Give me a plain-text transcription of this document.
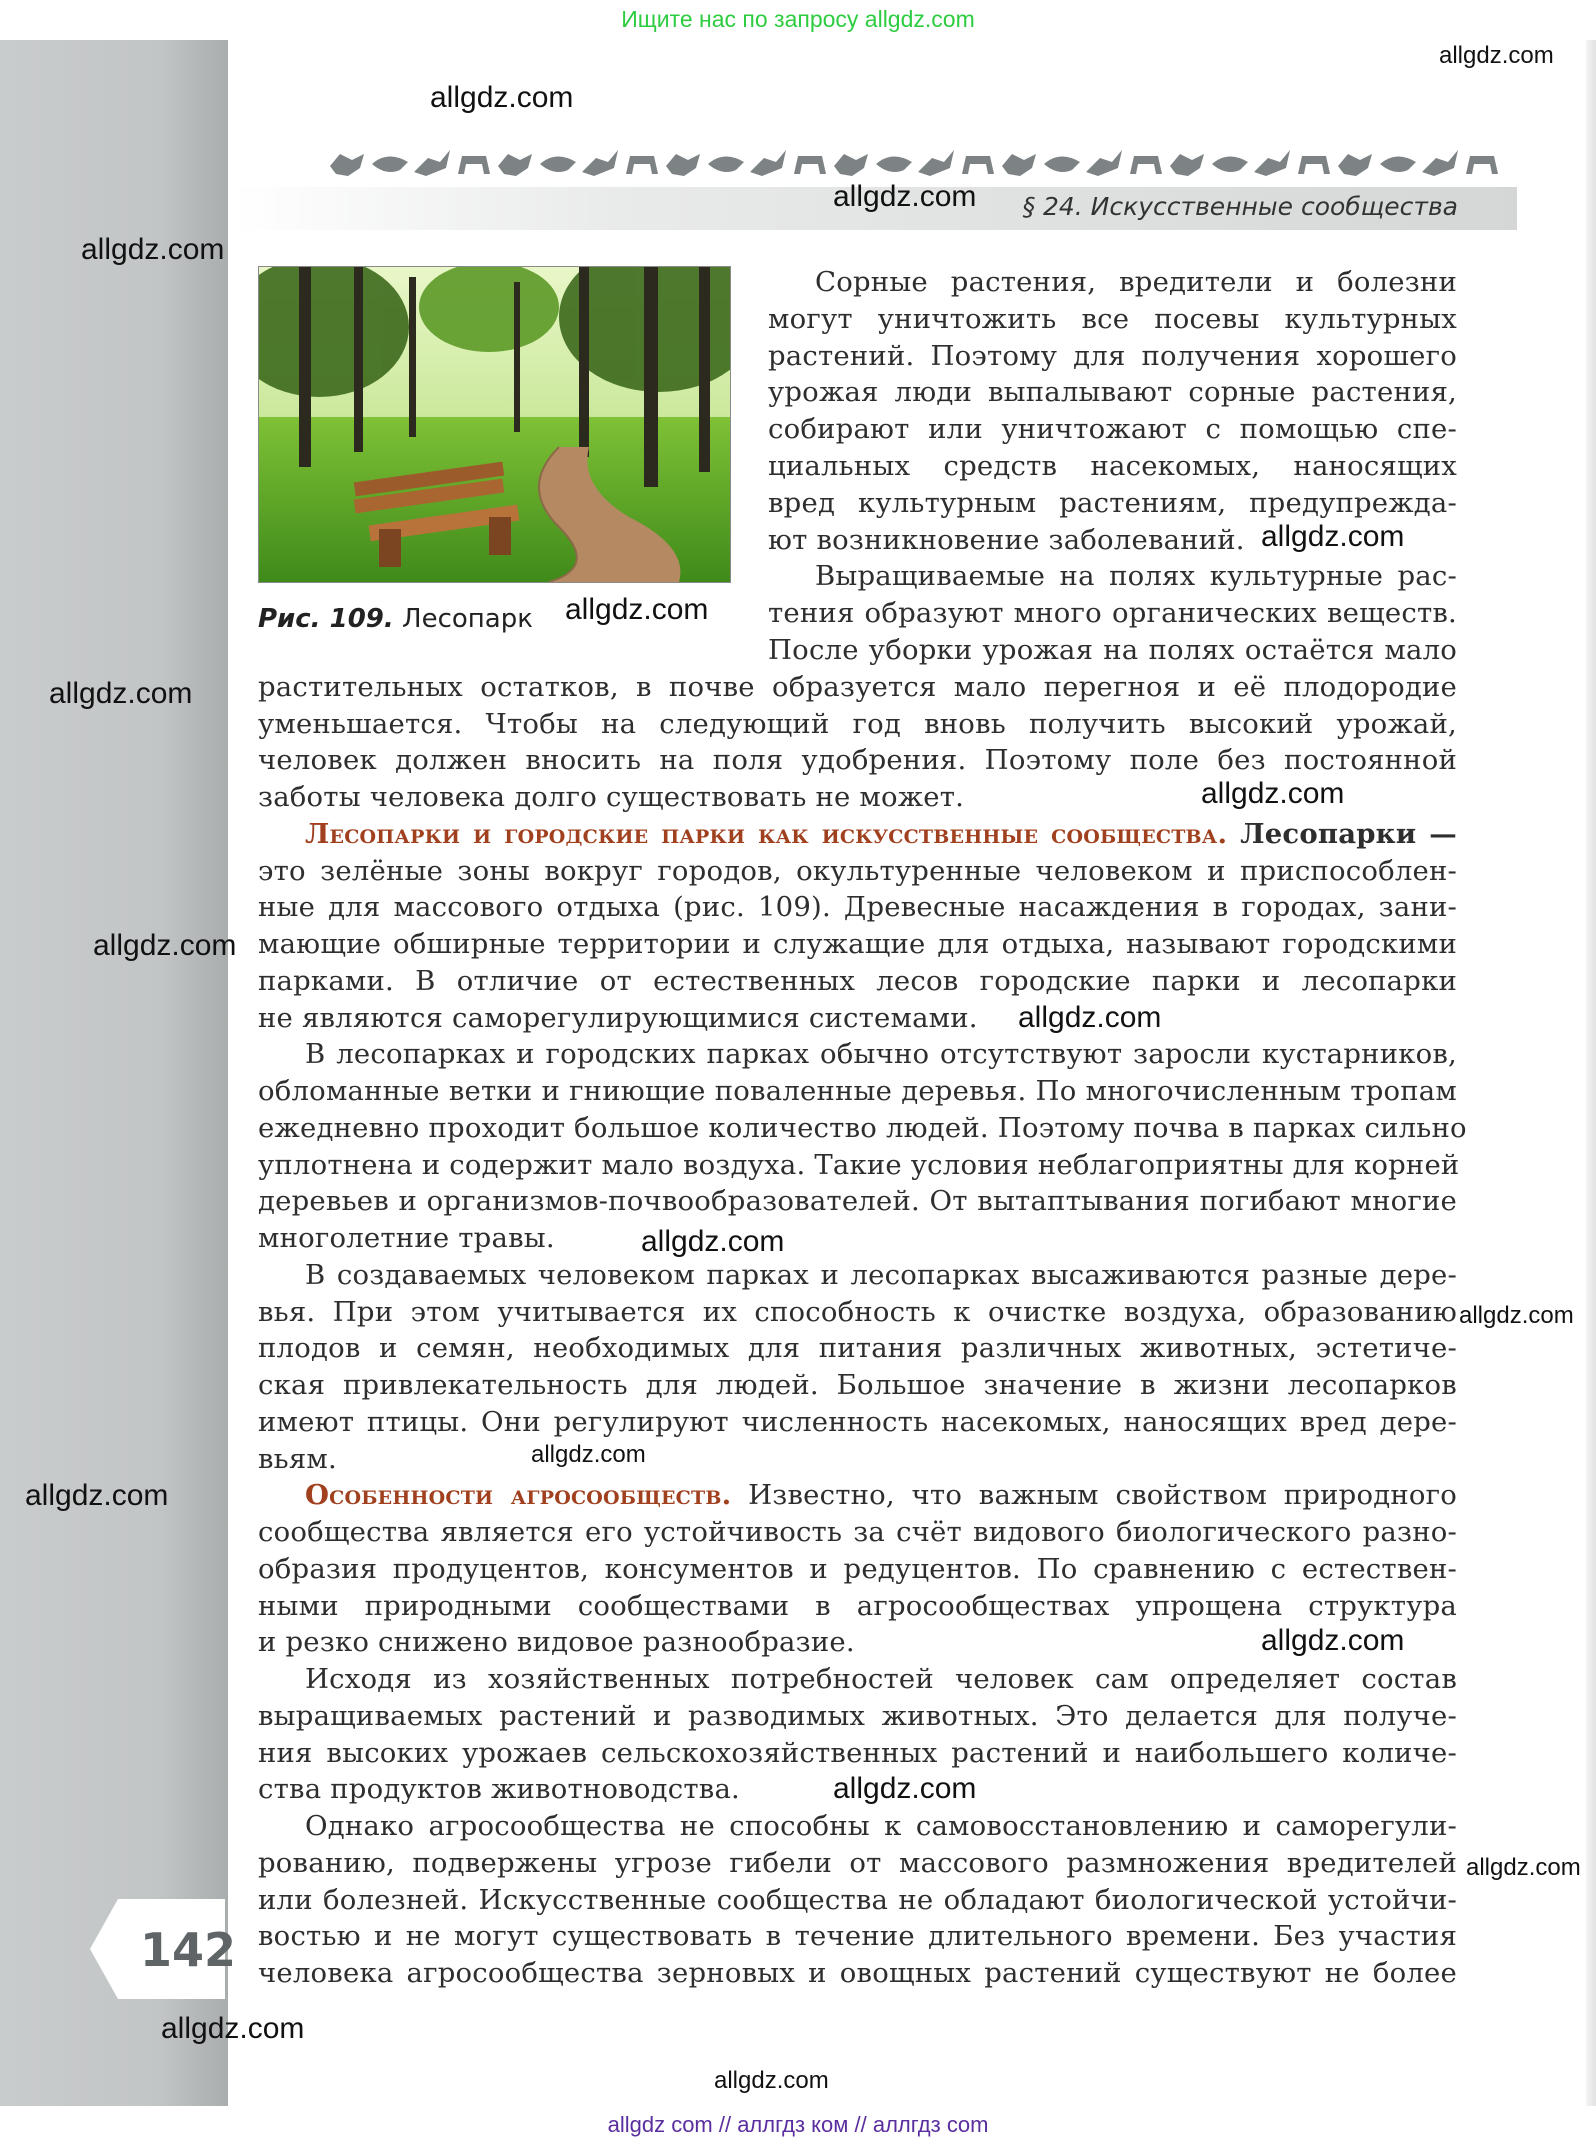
Ищите нас по запросу allgdz.com
§ 24. Искусственные сообщества
Рис. 109. Лесопарк
Сорные растения, вредители и болезни
могут уничтожить все посевы культурных
растений. Поэтому для получения хорошего
урожая люди выпалывают сорные растения,
собирают или уничтожают с помощью спе-
циальных средств насекомых, наносящих
вред культурным растениям, предупрежда-
ют возникновение заболеваний.
Выращиваемые на полях культурные рас-
тения образуют много органических веществ.
После уборки урожая на полях остаётся мало
растительных остатков, в почве образуется мало перегноя и её плодородие
уменьшается. Чтобы на следующий год вновь получить высокий урожай,
человек должен вносить на поля удобрения. Поэтому поле без постоянной
заботы человека долго существовать не может.
Лесопарки и городские парки как искусственные сообщества. Лесопарки —
это зелёные зоны вокруг городов, окультуренные человеком и приспособлен-
ные для массового отдыха (рис. 109). Древесные насаждения в городах, зани-
мающие обширные территории и служащие для отдыха, называют городскими
парками. В отличие от естественных лесов городские парки и лесопарки
не являются саморегулирующимися системами.
В лесопарках и городских парках обычно отсутствуют заросли кустарников,
обломанные ветки и гниющие поваленные деревья. По многочисленным тропам
ежедневно проходит большое количество людей. Поэтому почва в парках сильно
уплотнена и содержит мало воздуха. Такие условия неблагоприятны для корней
деревьев и организмов-почвообразователей. От вытаптывания погибают многие
многолетние травы.
В создаваемых человеком парках и лесопарках высаживаются разные дере-
вья. При этом учитывается их способность к очистке воздуха, образованию
плодов и семян, необходимых для питания различных животных, эстетиче-
ская привлекательность для людей. Большое значение в жизни лесопарков
имеют птицы. Они регулируют численность насекомых, наносящих вред дере-
вьям.
Особенности агросообществ. Известно, что важным свойством природного
сообщества является его устойчивость за счёт видового биологического разно-
образия продуцентов, консументов и редуцентов. По сравнению с естествен-
ными природными сообществами в агросообществах упрощена структура
и резко снижено видовое разнообразие.
Исходя из хозяйственных потребностей человек сам определяет состав
выращиваемых растений и разводимых животных. Это делается для получе-
ния высоких урожаев сельскохозяйственных растений и наибольшего количе-
ства продуктов животноводства.
Однако агросообщества не способны к самовосстановлению и саморегули-
рованию, подвержены угрозе гибели от массового размножения вредителей
или болезней. Искусственные сообщества не обладают биологической устойчи-
востью и не могут существовать в течение длительного времени. Без участия
человека агросообщества зерновых и овощных растений существуют не более
142
allgdz.com
allgdz.com
allgdz.com
allgdz.com
allgdz.com
allgdz.com
allgdz.com
allgdz.com
allgdz.com
allgdz.com
allgdz.com
allgdz.com
allgdz.com
allgdz.com
allgdz.com
allgdz.com
allgdz.com
allgdz.com
allgdz.com
allgdz com // аллгдз ком // аллгдз com
